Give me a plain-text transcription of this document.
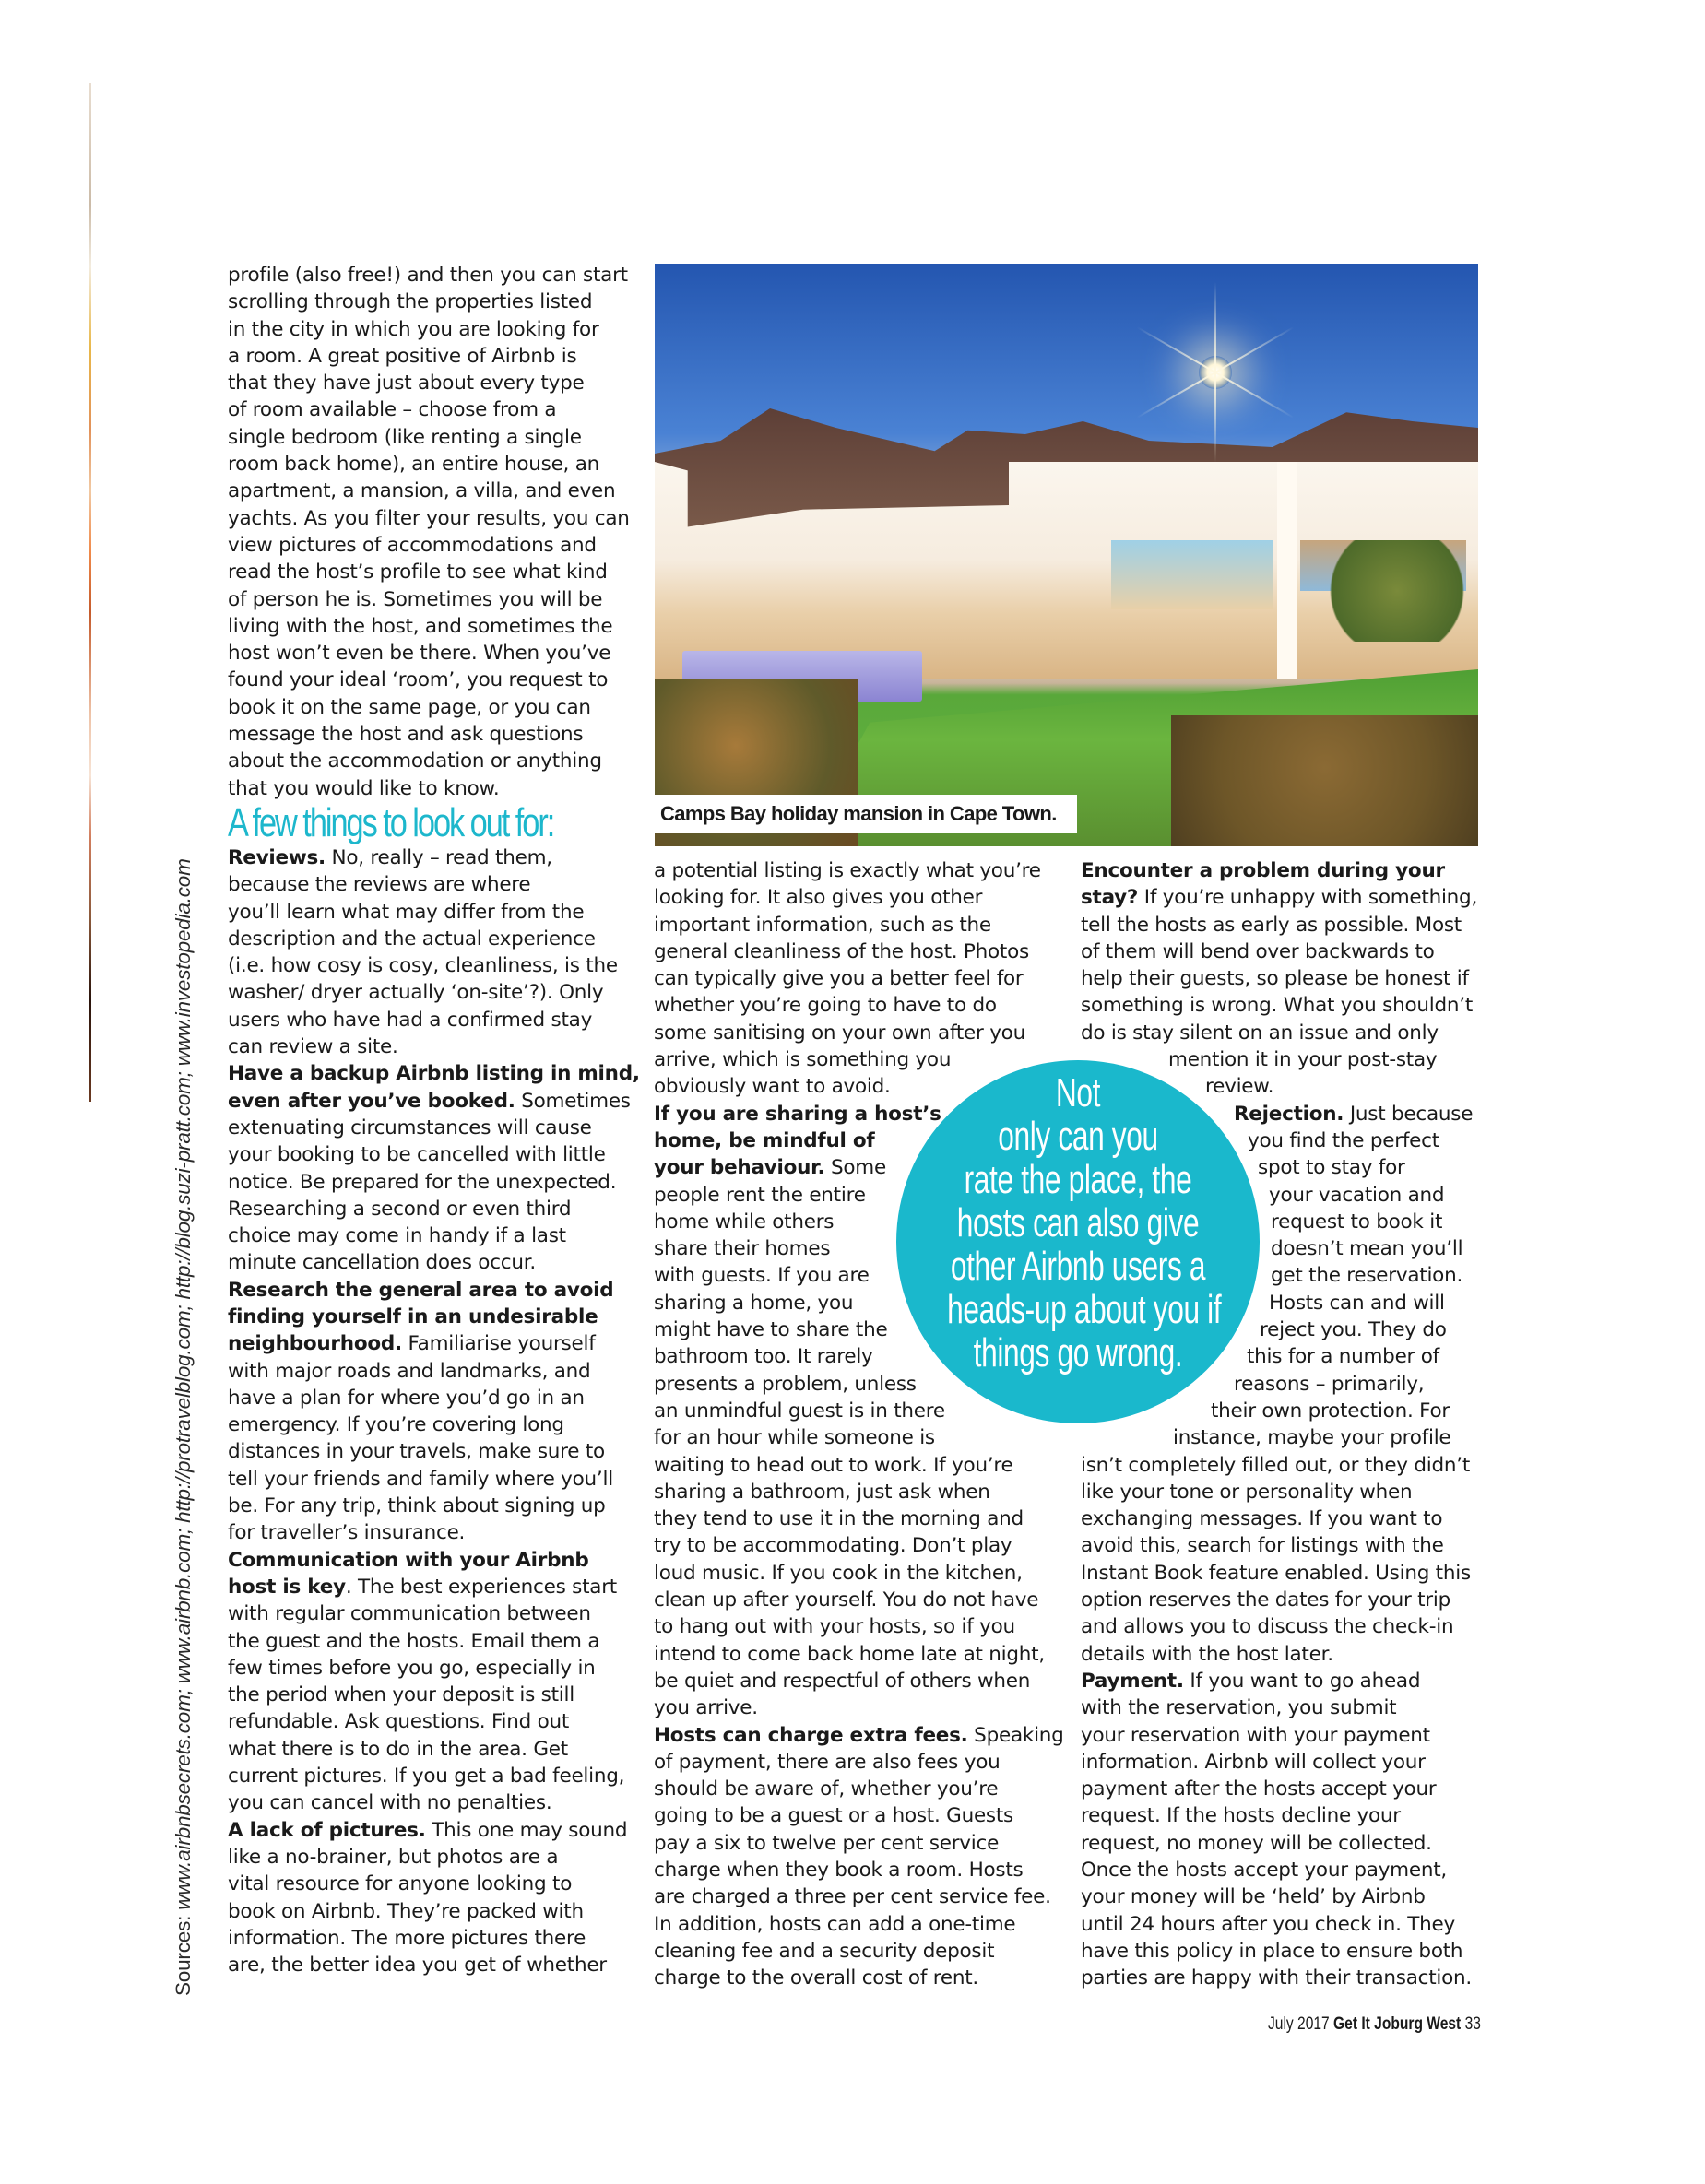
Sources: www.airbnbsecrets.com; www.airbnb.com; http://protravelblog.com; http://blog.suzi-pratt.com; www.investopedia.com
Camps Bay holiday mansion in Cape Town.
profile (also free!) and then you can start
scrolling through the properties listed
in the city in which you are looking for
a room. A great positive of Airbnb is
that they have just about every type
of room available – choose from a
single bedroom (like renting a single
room back home), an entire house, an
apartment, a mansion, a villa, and even
yachts. As you filter your results, you can
view pictures of accommodations and
read the host’s profile to see what kind
of person he is. Sometimes you will be
living with the host, and sometimes the
host won’t even be there. When you’ve
found your ideal ‘room’, you request to
book it on the same page, or you can
message the host and ask questions
about the accommodation or anything
that you would like to know.
A few things to look out for:
Reviews. No, really – read them,
because the reviews are where
you’ll learn what may differ from the
description and the actual experience
(i.e. how cosy is cosy, cleanliness, is the
washer/ dryer actually ‘on-site’?). Only
users who have had a confirmed stay
can review a site.
Have a backup Airbnb listing in mind,
even after you’ve booked. Sometimes
extenuating circumstances will cause
your booking to be cancelled with little
notice. Be prepared for the unexpected.
Researching a second or even third
choice may come in handy if a last
minute cancellation does occur.
Research the general area to avoid
finding yourself in an undesirable
neighbourhood. Familiarise yourself
with major roads and landmarks, and
have a plan for where you’d go in an
emergency. If you’re covering long
distances in your travels, make sure to
tell your friends and family where you’ll
be. For any trip, think about signing up
for traveller’s insurance.
Communication with your Airbnb
host is key. The best experiences start
with regular communication between
the guest and the hosts. Email them a
few times before you go, especially in
the period when your deposit is still
refundable. Ask questions. Find out
what there is to do in the area. Get
current pictures. If you get a bad feeling,
you can cancel with no penalties.
A lack of pictures. This one may sound
like a no-brainer, but photos are a
vital resource for anyone looking to
book on Airbnb. They’re packed with
information. The more pictures there
are, the better idea you get of whether
a potential listing is exactly what you’re
looking for. It also gives you other
important information, such as the
general cleanliness of the host. Photos
can typically give you a better feel for
whether you’re going to have to do
some sanitising on your own after you
arrive, which is something you
obviously want to avoid.
If you are sharing a host’s
home, be mindful of
your behaviour. Some
people rent the entire
home while others
share their homes
with guests. If you are
sharing a home, you
might have to share the
bathroom too. It rarely
presents a problem, unless
an unmindful guest is in there
for an hour while someone is
waiting to head out to work. If you’re
sharing a bathroom, just ask when
they tend to use it in the morning and
try to be accommodating. Don’t play
loud music. If you cook in the kitchen,
clean up after yourself. You do not have
to hang out with your hosts, so if you
intend to come back home late at night,
be quiet and respectful of others when
you arrive.
Hosts can charge extra fees. Speaking
of payment, there are also fees you
should be aware of, whether you’re
going to be a guest or a host. Guests
pay a six to twelve per cent service
charge when they book a room. Hosts
are charged a three per cent service fee.
In addition, hosts can add a one-time
cleaning fee and a security deposit
charge to the overall cost of rent.
Encounter a problem during your
stay? If you’re unhappy with something,
tell the hosts as early as possible. Most
of them will bend over backwards to
help their guests, so please be honest if
something is wrong. What you shouldn’t
do is stay silent on an issue and only
mention it in your post-stay
review.
Rejection. Just because
you find the perfect
spot to stay for
your vacation and
request to book it
doesn’t mean you’ll
get the reservation.
Hosts can and will
reject you. They do
this for a number of
reasons – primarily,
their own protection. For
instance, maybe your profile
isn’t completely filled out, or they didn’t
like your tone or personality when
exchanging messages. If you want to
avoid this, search for listings with the
Instant Book feature enabled. Using this
option reserves the dates for your trip
and allows you to discuss the check-in
details with the host later.
Payment. If you want to go ahead
with the reservation, you submit
your reservation with your payment
information. Airbnb will collect your
payment after the hosts accept your
request. If the hosts decline your
request, no money will be collected.
Once the hosts accept your payment,
your money will be ‘held’ by Airbnb
until 24 hours after you check in. They
have this policy in place to ensure both
parties are happy with their transaction.
Not
only can you
rate the place, the
hosts can also give
other Airbnb users a
heads-up about you if
things go wrong.
July 2017 Get It Joburg West 33
